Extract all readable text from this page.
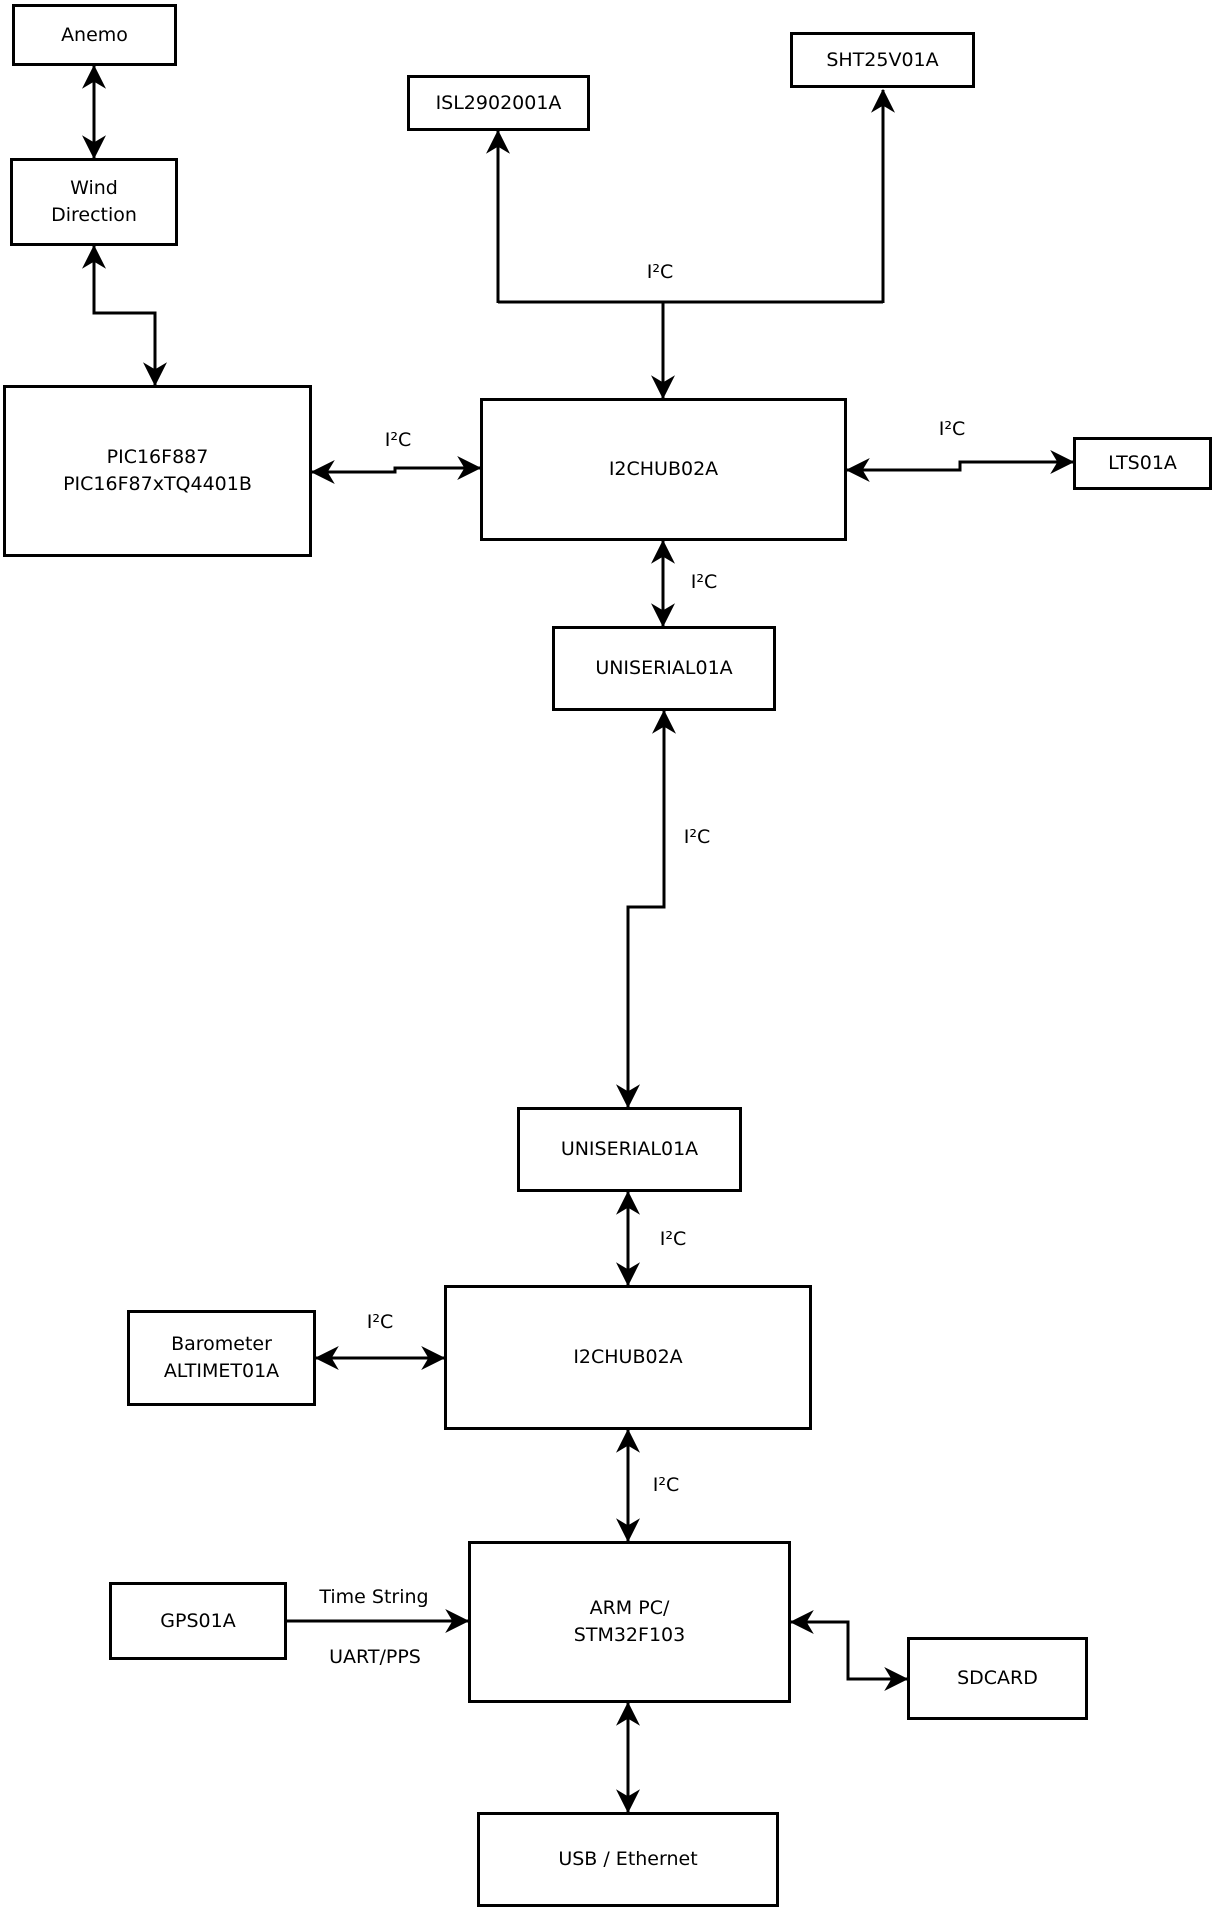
Anemo
Wind
Direction
PIC16F887
PIC16F87xTQ4401B
ISL2902001A
SHT25V01A
I2CHUB02A	LTS01A
UNISERIAL01A
UNISERIAL01A
I2CHUB02A
Barometer
ALTIMET01A
GPS01A
ARM PC/
STM32F103
SDCARD
USB / Ethernet
I²C
I²C	I²C
I²C
I²C
I²C
I²C
I²C
Time String
UART/PPS
